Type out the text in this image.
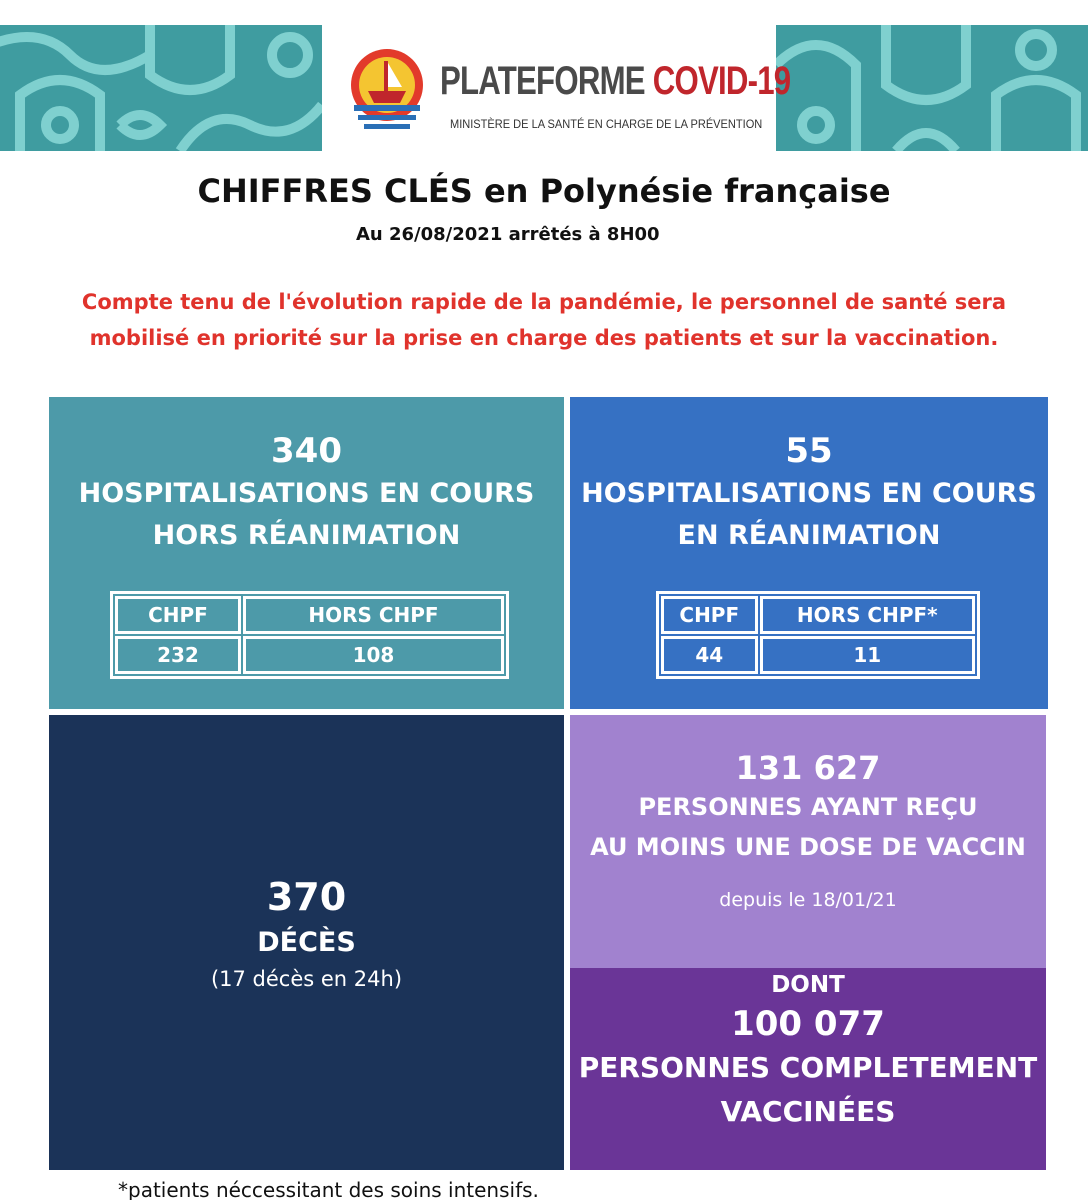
PLATEFORME COVID-19
MINISTÈRE DE LA SANTÉ EN CHARGE DE LA PRÉVENTION
CHIFFRES CLÉS en Polynésie française
Au 26/08/2021 arrêtés à 8H00
Compte tenu de l'évolution rapide de la pandémie, le personnel de santé sera
mobilisé en priorité sur la prise en charge des patients et sur la vaccination.
340
HOSPITALISATIONS EN COURS
HORS RÉANIMATION
CHPF	HORS CHPF
232	108
55
HOSPITALISATIONS EN COURS
EN RÉANIMATION
CHPF	HORS CHPF*
44	11
370
DÉCÈS
(17 décès en 24h)
131 627
PERSONNES AYANT REÇU
AU MOINS UNE DOSE DE VACCIN
depuis le 18/01/21
DONT
100 077
PERSONNES COMPLETEMENT
VACCINÉES
*patients néccessitant des soins intensifs.
